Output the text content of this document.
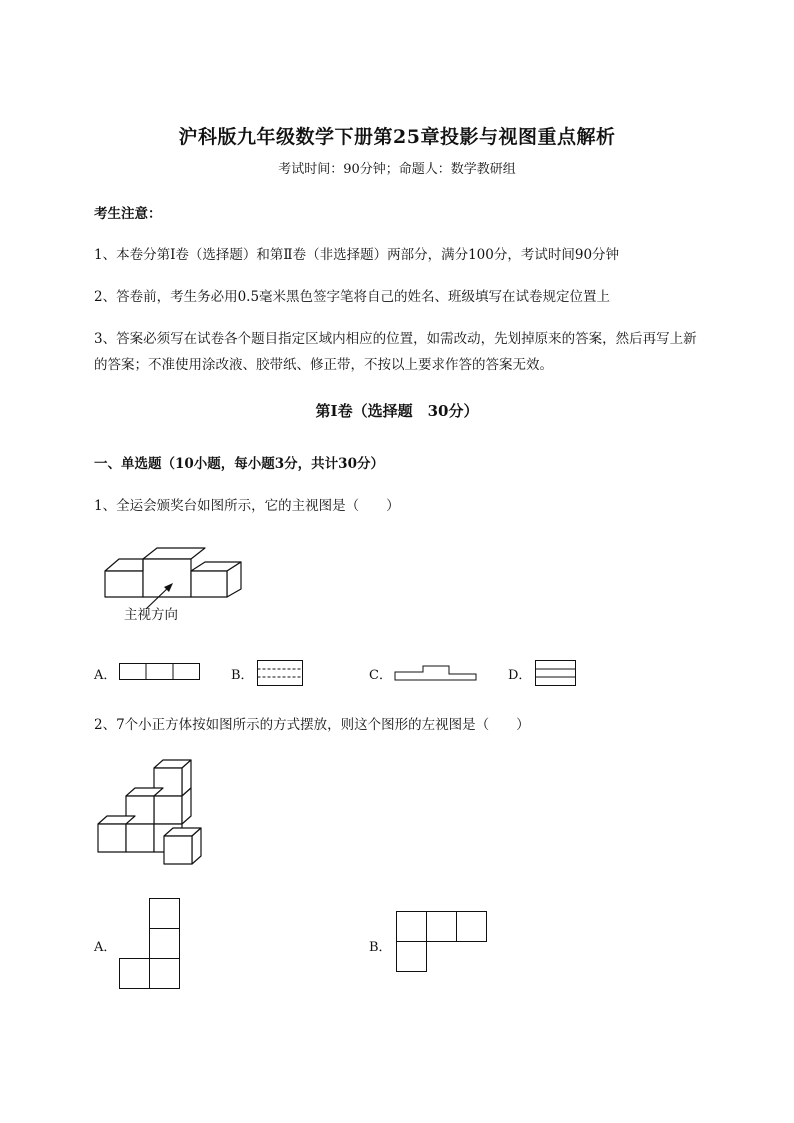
沪科版九年级数学下册第25章投影与视图重点解析
考试时间：90分钟；命题人：数学教研组
考生注意：
1、本卷分第I卷（选择题）和第Ⅱ卷（非选择题）两部分，满分100分，考试时间90分钟
2、答卷前，考生务必用0.5毫米黑色签字笔将自己的姓名、班级填写在试卷规定位置上
3、答案必须写在试卷各个题目指定区域内相应的位置，如需改动，先划掉原来的答案，然后再写上新
的答案；不准使用涂改液、胶带纸、修正带，不按以上要求作答的答案无效。
第I卷（选择题　30分）
一、单选题（10小题，每小题3分，共计30分）
1、全运会颁奖台如图所示，它的主视图是（　　）
主视方向
A．	B．	C．	D．
2、7个小正方体按如图所示的方式摆放，则这个图形的左视图是（　　）
A．	B．
